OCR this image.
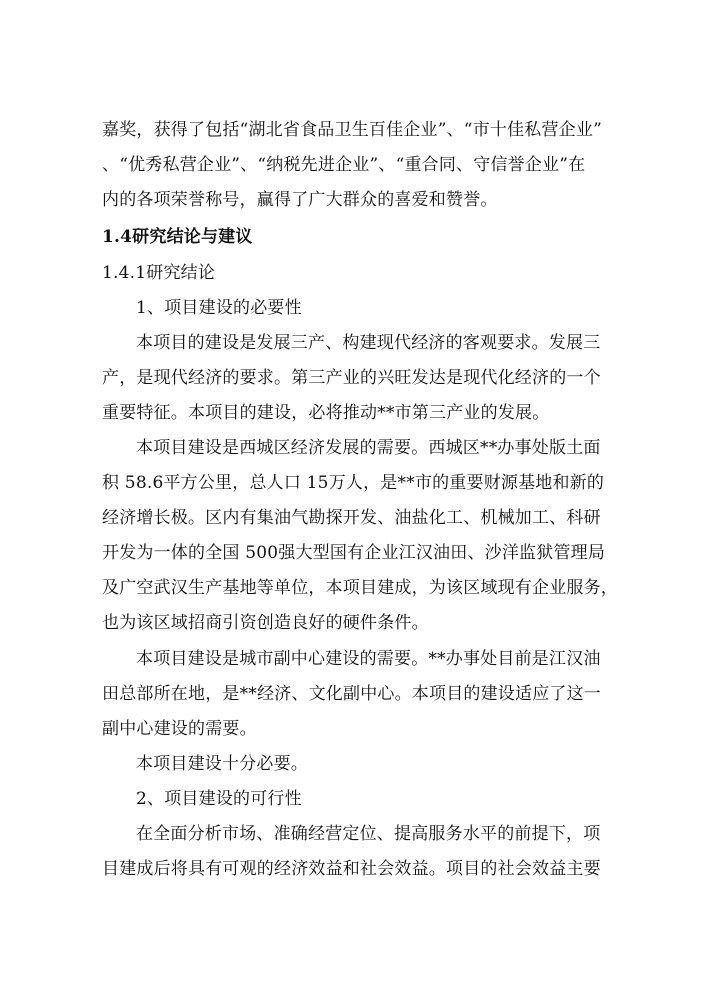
嘉奖，获得了包括“湖北省食品卫生百佳企业”、“市十佳私营企业”
、“优秀私营企业”、“纳税先进企业”、“重合同、守信誉企业”在
内的各项荣誉称号，赢得了广大群众的喜爱和赞誉。
1.4研究结论与建议
1.4.1研究结论
1、项目建设的必要性
本项目的建设是发展三产、构建现代经济的客观要求。发展三
产，是现代经济的要求。第三产业的兴旺发达是现代化经济的一个
重要特征。本项目的建设，必将推动**市第三产业的发展。
本项目建设是西城区经济发展的需要。西城区**办事处版土面
积 58.6平方公里，总人口 15万人，是**市的重要财源基地和新的
经济增长极。区内有集油气勘探开发、油盐化工、机械加工、科研
开发为一体的全国 500强大型国有企业江汉油田、沙洋监狱管理局
及广空武汉生产基地等单位，本项目建成，为该区域现有企业服务，
也为该区域招商引资创造良好的硬件条件。
本项目建设是城市副中心建设的需要。**办事处目前是江汉油
田总部所在地，是**经济、文化副中心。本项目的建设适应了这一
副中心建设的需要。
本项目建设十分必要。
2、项目建设的可行性
在全面分析市场、准确经营定位、提高服务水平的前提下，项
目建成后将具有可观的经济效益和社会效益。项目的社会效益主要
